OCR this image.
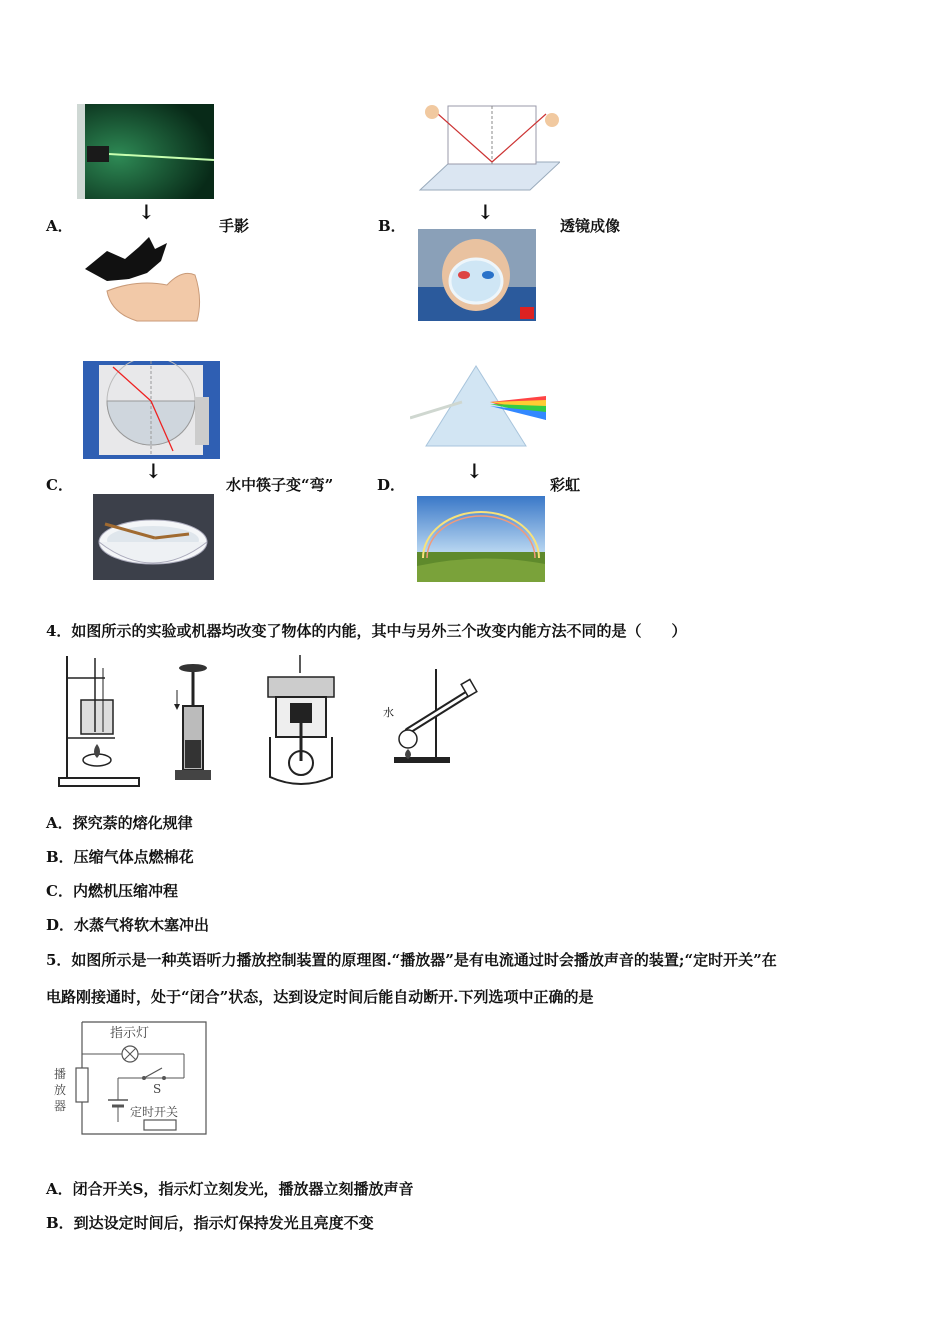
↓
A．	手影
↓
B．	透镜成像
↓
C．	水中筷子变“弯”
↓
D．	彩虹
4．如图所示的实验或机器均改变了物体的内能，其中与另外三个改变内能方法不同的是（　　）
水
A．探究萘的熔化规律
B．压缩气体点燃棉花
C．内燃机压缩冲程
D．水蒸气将软木塞冲出
5．如图所示是一种英语听力播放控制装置的原理图.“播放器”是有电流通过时会播放声音的装置;“定时开关”在
电路刚接通时，处于“闭合”状态，达到设定时间后能自动断开.下列选项中正确的是
指示灯
播放器
S
定时开关
A．闭合开关S，指示灯立刻发光，播放器立刻播放声音
B．到达设定时间后，指示灯保持发光且亮度不变
